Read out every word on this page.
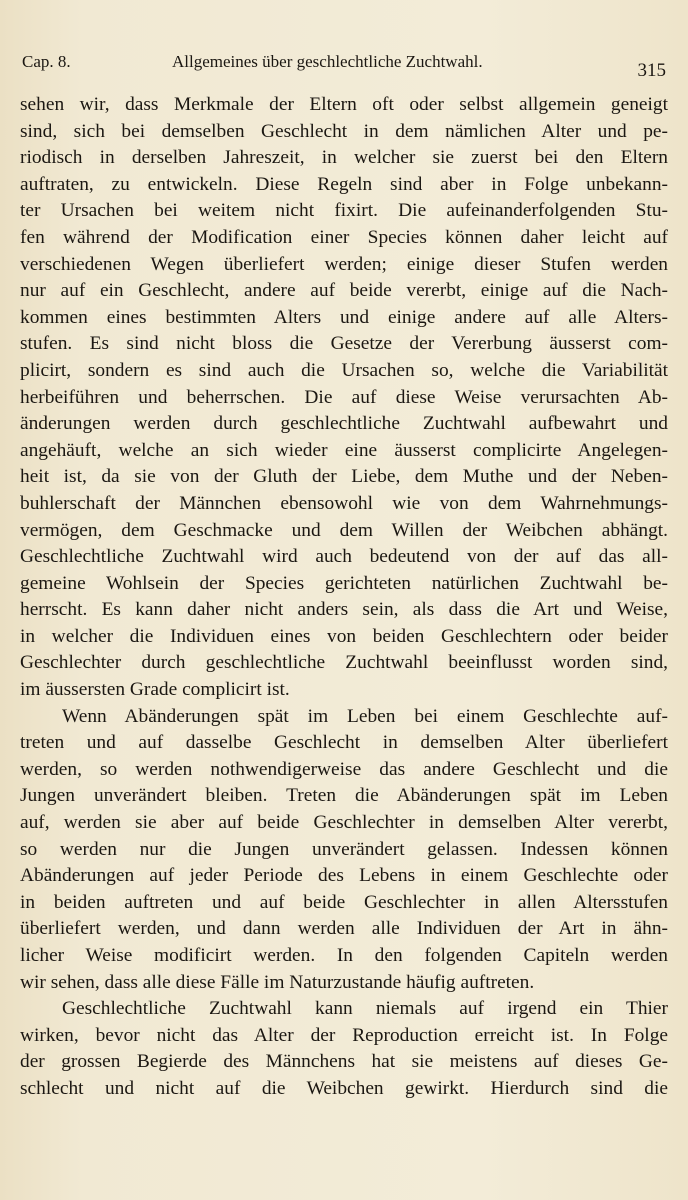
Cap. 8.	Allgemeines über geschlechtliche Zuchtwahl.	315
sehen wir, dass Merkmale der Eltern oft oder selbst allgemein geneigt
sind, sich bei demselben Geschlecht in dem nämlichen Alter und pe-
riodisch in derselben Jahreszeit, in welcher sie zuerst bei den Eltern
auftraten, zu entwickeln. Diese Regeln sind aber in Folge unbekann-
ter Ursachen bei weitem nicht fixirt. Die aufeinanderfolgenden Stu-
fen während der Modification einer Species können daher leicht auf
verschiedenen Wegen überliefert werden; einige dieser Stufen werden
nur auf ein Geschlecht, andere auf beide vererbt, einige auf die Nach-
kommen eines bestimmten Alters und einige andere auf alle Alters-
stufen. Es sind nicht bloss die Gesetze der Vererbung äusserst com-
plicirt, sondern es sind auch die Ursachen so, welche die Variabilität
herbeiführen und beherrschen. Die auf diese Weise verursachten Ab-
änderungen werden durch geschlechtliche Zuchtwahl aufbewahrt und
angehäuft, welche an sich wieder eine äusserst complicirte Angelegen-
heit ist, da sie von der Gluth der Liebe, dem Muthe und der Neben-
buhlerschaft der Männchen ebensowohl wie von dem Wahrnehmungs-
vermögen, dem Geschmacke und dem Willen der Weibchen abhängt.
Geschlechtliche Zuchtwahl wird auch bedeutend von der auf das all-
gemeine Wohlsein der Species gerichteten natürlichen Zuchtwahl be-
herrscht. Es kann daher nicht anders sein, als dass die Art und Weise,
in welcher die Individuen eines von beiden Geschlechtern oder beider
Geschlechter durch geschlechtliche Zuchtwahl beeinflusst worden sind,
im äussersten Grade complicirt ist.
Wenn Abänderungen spät im Leben bei einem Geschlechte auf-
treten und auf dasselbe Geschlecht in demselben Alter überliefert
werden, so werden nothwendigerweise das andere Geschlecht und die
Jungen unverändert bleiben. Treten die Abänderungen spät im Leben
auf, werden sie aber auf beide Geschlechter in demselben Alter vererbt,
so werden nur die Jungen unverändert gelassen. Indessen können
Abänderungen auf jeder Periode des Lebens in einem Geschlechte oder
in beiden auftreten und auf beide Geschlechter in allen Altersstufen
überliefert werden, und dann werden alle Individuen der Art in ähn-
licher Weise modificirt werden. In den folgenden Capiteln werden
wir sehen, dass alle diese Fälle im Naturzustande häufig auftreten.
Geschlechtliche Zuchtwahl kann niemals auf irgend ein Thier
wirken, bevor nicht das Alter der Reproduction erreicht ist. In Folge
der grossen Begierde des Männchens hat sie meistens auf dieses Ge-
schlecht und nicht auf die Weibchen gewirkt. Hierdurch sind die
